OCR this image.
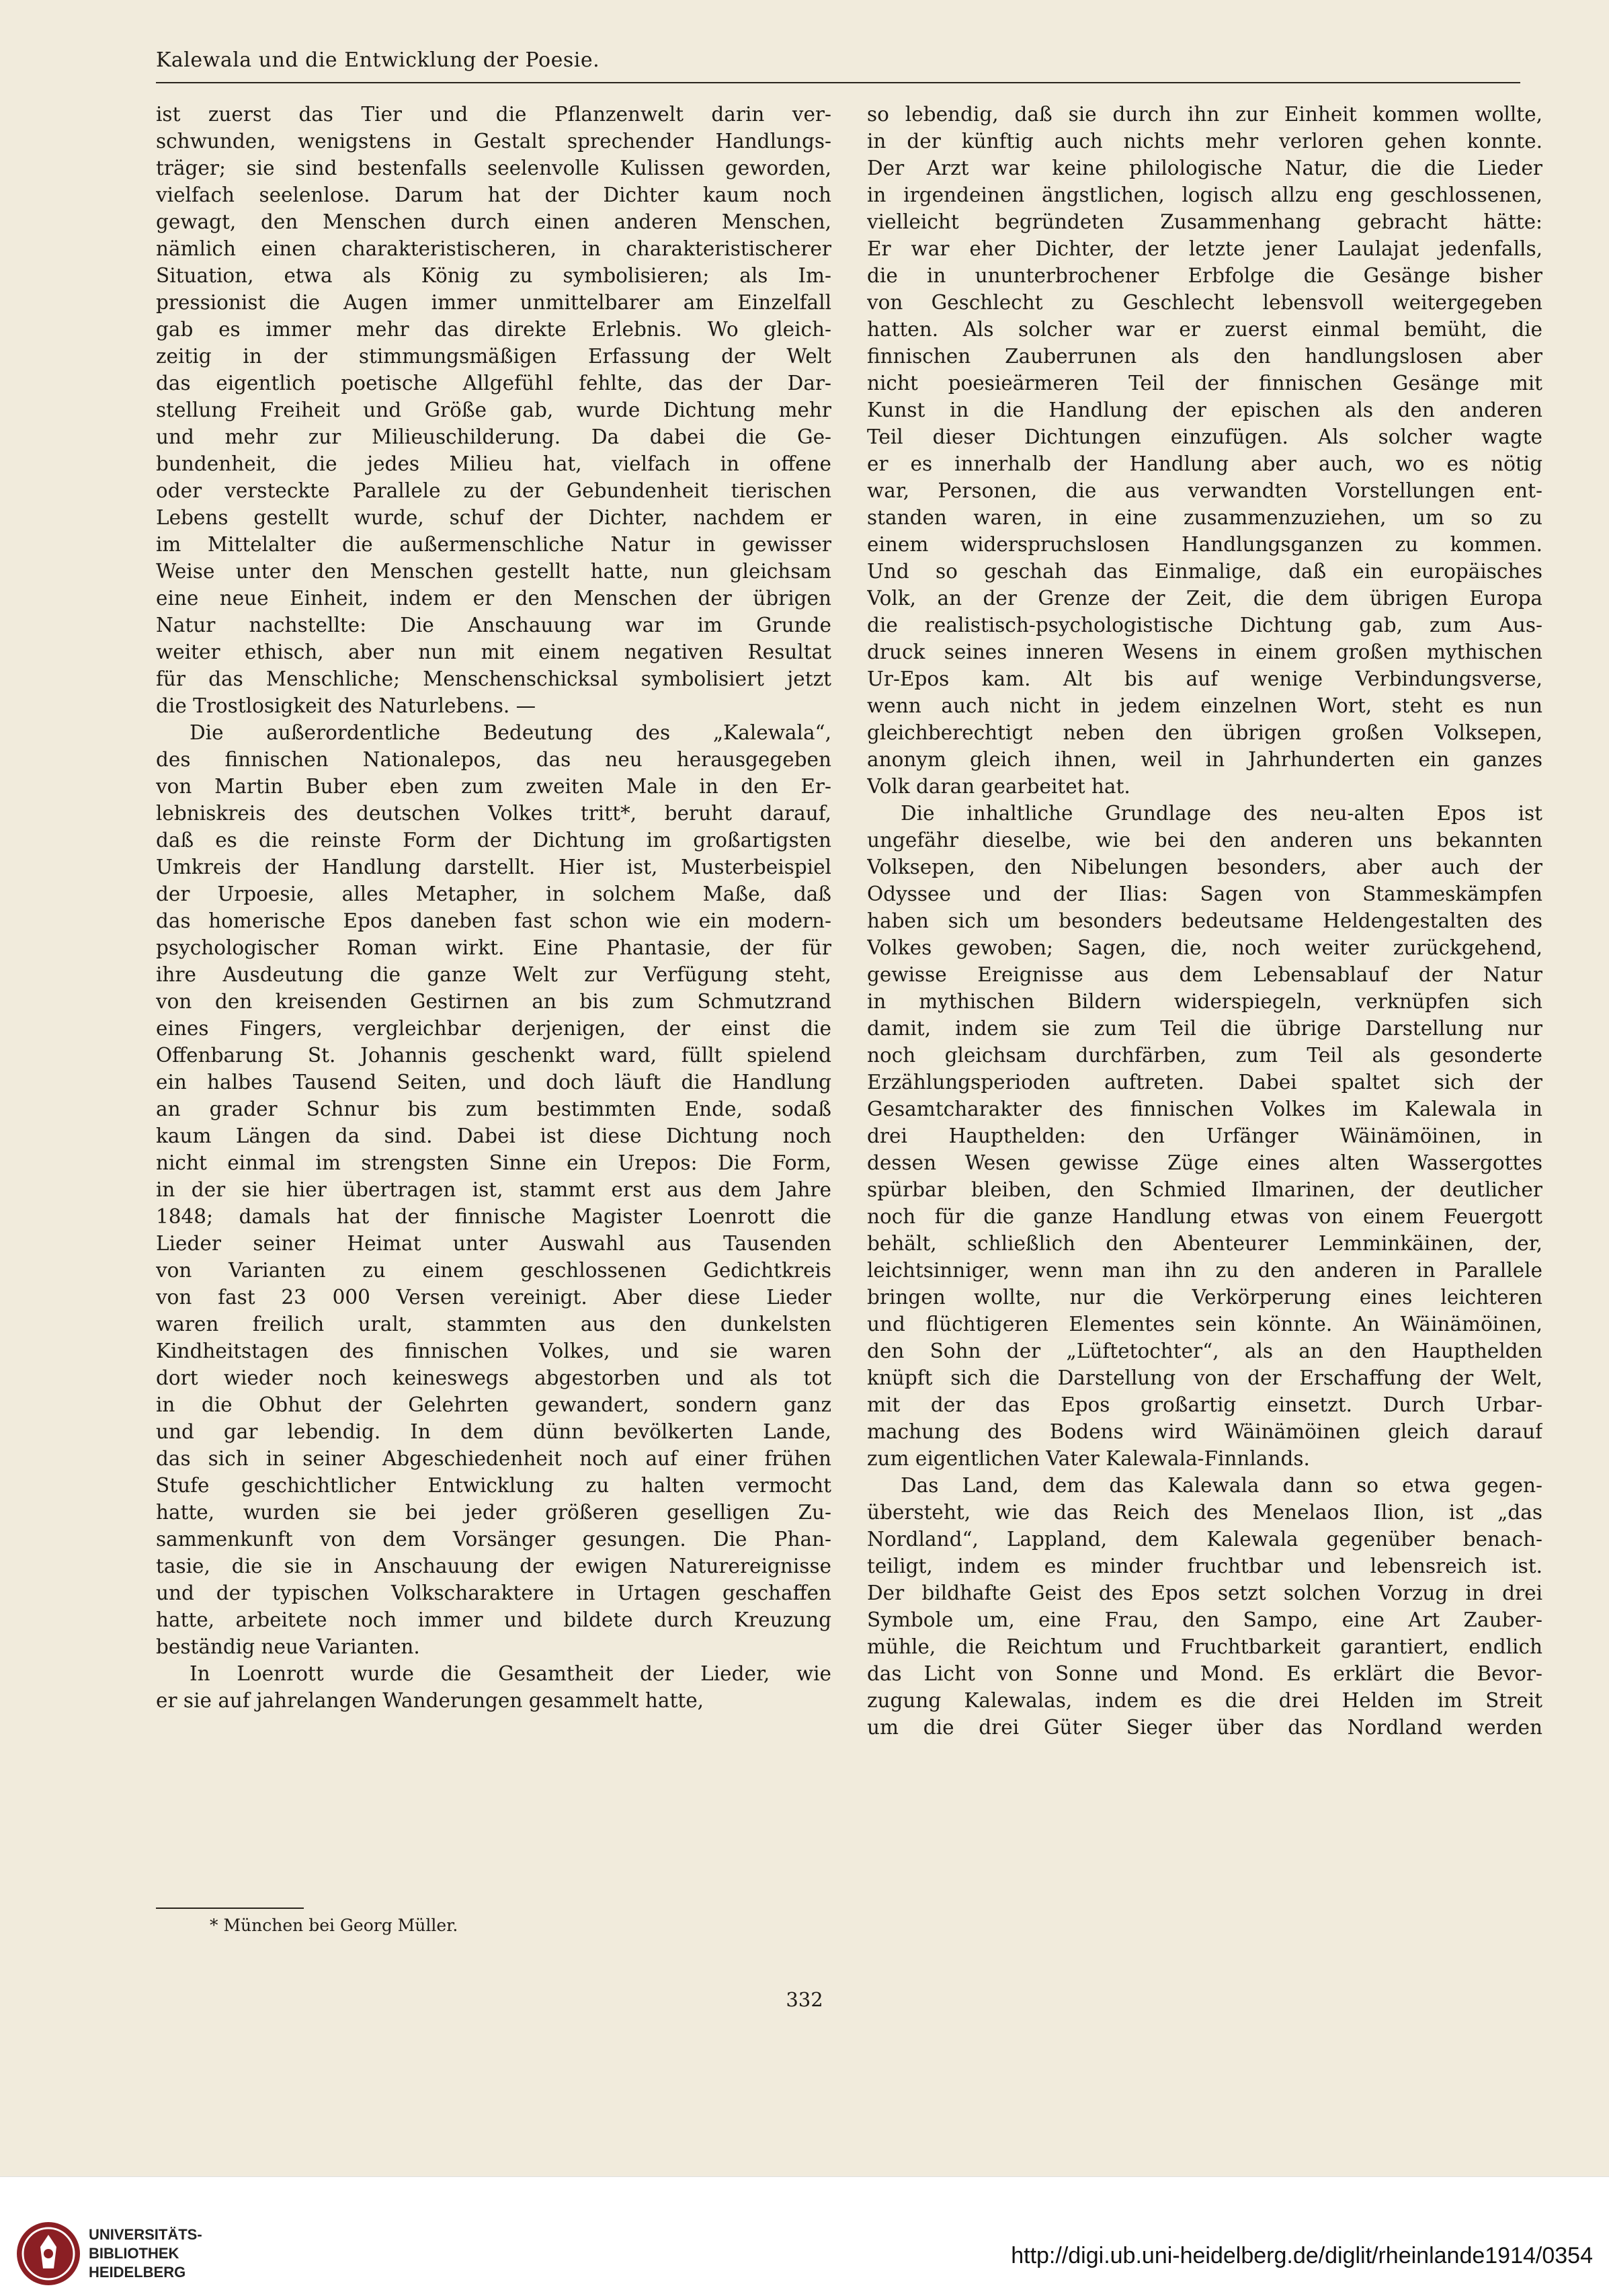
Kalewala und die Entwicklung der Poesie.
ist zuerst das Tier und die Pflanzenwelt darin ver-
schwunden, wenigstens in Gestalt sprechender Handlungs-
träger; sie sind bestenfalls seelenvolle Kulissen geworden,
vielfach seelenlose. Darum hat der Dichter kaum noch
gewagt, den Menschen durch einen anderen Menschen,
nämlich einen charakteristischeren, in charakteristischerer
Situation, etwa als König zu symbolisieren; als Im-
pressionist die Augen immer unmittelbarer am Einzelfall
gab es immer mehr das direkte Erlebnis. Wo gleich-
zeitig in der stimmungsmäßigen Erfassung der Welt
das eigentlich poetische Allgefühl fehlte, das der Dar-
stellung Freiheit und Größe gab, wurde Dichtung mehr
und mehr zur Milieuschilderung. Da dabei die Ge-
bundenheit, die jedes Milieu hat, vielfach in offene
oder versteckte Parallele zu der Gebundenheit tierischen
Lebens gestellt wurde, schuf der Dichter, nachdem er
im Mittelalter die außermenschliche Natur in gewisser
Weise unter den Menschen gestellt hatte, nun gleichsam
eine neue Einheit, indem er den Menschen der übrigen
Natur nachstellte: Die Anschauung war im Grunde
weiter ethisch, aber nun mit einem negativen Resultat
für das Menschliche; Menschenschicksal symbolisiert jetzt
die Trostlosigkeit des Naturlebens. —
Die außerordentliche Bedeutung des „Kalewala“,
des finnischen Nationalepos, das neu herausgegeben
von Martin Buber eben zum zweiten Male in den Er-
lebniskreis des deutschen Volkes tritt*, beruht darauf,
daß es die reinste Form der Dichtung im großartigsten
Umkreis der Handlung darstellt. Hier ist, Musterbeispiel
der Urpoesie, alles Metapher, in solchem Maße, daß
das homerische Epos daneben fast schon wie ein modern-
psychologischer Roman wirkt. Eine Phantasie, der für
ihre Ausdeutung die ganze Welt zur Verfügung steht,
von den kreisenden Gestirnen an bis zum Schmutzrand
eines Fingers, vergleichbar derjenigen, der einst die
Offenbarung St. Johannis geschenkt ward, füllt spielend
ein halbes Tausend Seiten, und doch läuft die Handlung
an grader Schnur bis zum bestimmten Ende, sodaß
kaum Längen da sind. Dabei ist diese Dichtung noch
nicht einmal im strengsten Sinne ein Urepos: Die Form,
in der sie hier übertragen ist, stammt erst aus dem Jahre
1848; damals hat der finnische Magister Loenrott die
Lieder seiner Heimat unter Auswahl aus Tausenden
von Varianten zu einem geschlossenen Gedichtkreis
von fast 23 000 Versen vereinigt. Aber diese Lieder
waren freilich uralt, stammten aus den dunkelsten
Kindheitstagen des finnischen Volkes, und sie waren
dort wieder noch keineswegs abgestorben und als tot
in die Obhut der Gelehrten gewandert, sondern ganz
und gar lebendig. In dem dünn bevölkerten Lande,
das sich in seiner Abgeschiedenheit noch auf einer frühen
Stufe geschichtlicher Entwicklung zu halten vermocht
hatte, wurden sie bei jeder größeren geselligen Zu-
sammenkunft von dem Vorsänger gesungen. Die Phan-
tasie, die sie in Anschauung der ewigen Naturereignisse
und der typischen Volkscharaktere in Urtagen geschaffen
hatte, arbeitete noch immer und bildete durch Kreuzung
beständig neue Varianten.
In Loenrott wurde die Gesamtheit der Lieder, wie
er sie auf jahrelangen Wanderungen gesammelt hatte,
so lebendig, daß sie durch ihn zur Einheit kommen wollte,
in der künftig auch nichts mehr verloren gehen konnte.
Der Arzt war keine philologische Natur, die die Lieder
in irgendeinen ängstlichen, logisch allzu eng geschlossenen,
vielleicht begründeten Zusammenhang gebracht hätte:
Er war eher Dichter, der letzte jener Laulajat jedenfalls,
die in ununterbrochener Erbfolge die Gesänge bisher
von Geschlecht zu Geschlecht lebensvoll weitergegeben
hatten. Als solcher war er zuerst einmal bemüht, die
finnischen Zauberrunen als den handlungslosen aber
nicht poesieärmeren Teil der finnischen Gesänge mit
Kunst in die Handlung der epischen als den anderen
Teil dieser Dichtungen einzufügen. Als solcher wagte
er es innerhalb der Handlung aber auch, wo es nötig
war, Personen, die aus verwandten Vorstellungen ent-
standen waren, in eine zusammenzuziehen, um so zu
einem widerspruchslosen Handlungsganzen zu kommen.
Und so geschah das Einmalige, daß ein europäisches
Volk, an der Grenze der Zeit, die dem übrigen Europa
die realistisch-psychologistische Dichtung gab, zum Aus-
druck seines inneren Wesens in einem großen mythischen
Ur-Epos kam. Alt bis auf wenige Verbindungsverse,
wenn auch nicht in jedem einzelnen Wort, steht es nun
gleichberechtigt neben den übrigen großen Volksepen,
anonym gleich ihnen, weil in Jahrhunderten ein ganzes
Volk daran gearbeitet hat.
Die inhaltliche Grundlage des neu-alten Epos ist
ungefähr dieselbe, wie bei den anderen uns bekannten
Volksepen, den Nibelungen besonders, aber auch der
Odyssee und der Ilias: Sagen von Stammeskämpfen
haben sich um besonders bedeutsame Heldengestalten des
Volkes gewoben; Sagen, die, noch weiter zurückgehend,
gewisse Ereignisse aus dem Lebensablauf der Natur
in mythischen Bildern widerspiegeln, verknüpfen sich
damit, indem sie zum Teil die übrige Darstellung nur
noch gleichsam durchfärben, zum Teil als gesonderte
Erzählungsperioden auftreten. Dabei spaltet sich der
Gesamtcharakter des finnischen Volkes im Kalewala in
drei Haupthelden: den Urfänger Wäinämöinen, in
dessen Wesen gewisse Züge eines alten Wassergottes
spürbar bleiben, den Schmied Ilmarinen, der deutlicher
noch für die ganze Handlung etwas von einem Feuergott
behält, schließlich den Abenteurer Lemminkäinen, der,
leichtsinniger, wenn man ihn zu den anderen in Parallele
bringen wollte, nur die Verkörperung eines leichteren
und flüchtigeren Elementes sein könnte. An Wäinämöinen,
den Sohn der „Lüftetochter“, als an den Haupthelden
knüpft sich die Darstellung von der Erschaffung der Welt,
mit der das Epos großartig einsetzt. Durch Urbar-
machung des Bodens wird Wäinämöinen gleich darauf
zum eigentlichen Vater Kalewala-Finnlands.
Das Land, dem das Kalewala dann so etwa gegen-
übersteht, wie das Reich des Menelaos Ilion, ist „das
Nordland“, Lappland, dem Kalewala gegenüber benach-
teiligt, indem es minder fruchtbar und lebensreich ist.
Der bildhafte Geist des Epos setzt solchen Vorzug in drei
Symbole um, eine Frau, den Sampo, eine Art Zauber-
mühle, die Reichtum und Fruchtbarkeit garantiert, endlich
das Licht von Sonne und Mond. Es erklärt die Bevor-
zugung Kalewalas, indem es die drei Helden im Streit
um die drei Güter Sieger über das Nordland werden
* München bei Georg Müller.
332
UNIVERSITÄTS-
BIBLIOTHEK
HEIDELBERG
http://digi.ub.uni-heidelberg.de/diglit/rheinlande1914/0354
